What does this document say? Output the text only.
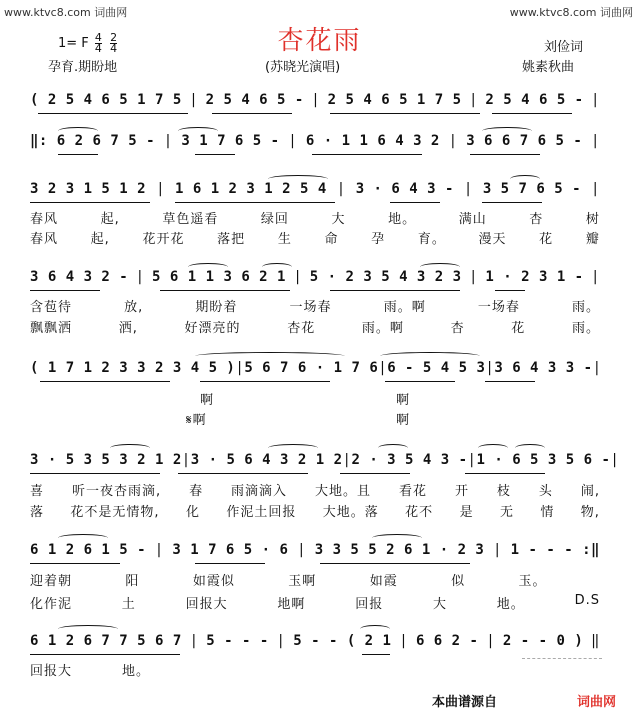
www.ktvc8.com 词曲网	www.ktvc8.com 词曲网
杏花雨
1= F $\frac{4}{4}$
$\frac{2}{4}$
孕育.期盼地	(苏晓光演唱)
刘俭词
姚素秋曲
( 2 5 4 6 5 1 7 5 | 2 5 4 6 5 - | 2 5 4 6 5 1 7 5 | 2 5 4 6 5 - |
‖: 6 2 6 7 5 - | 3 1 7 6 5 - | 6 · 1 1 6 4 3 2 | 3 6 6 7 6 5 - |
3 2 3 1 5 1 2 | 1 6 1 2 3 1 2 5 4 | 3 · 6 4 3 - | 3 5 7 6 5 - |
春风	起,	草色遥看	绿回	大	地。	满山	杏	树
春风	起,	花开花	落把	生	命	孕	育。	漫天	花	瓣
3 6 4 3 2 - | 5 6 1 1 3 6 2 1 | 5 · 2 3 5 4 3 2 3 | 1 · 2 3 1 - |
含苞待	放,	期盼着	一场春	雨。啊	一场春	雨。
飘飘洒	洒,	好漂亮的	杏花	雨。啊	杏	花	雨。
( 1 7 1 2 3 3 2 3 4 5 ) | 5 6 7 6 · 1 7 6 | 6 - 5 4 5 3 | 3 6 4 3 3 - |
啊	啊
𝄋啊	啊
3 · 5 3 5 3 2 1 2 | 3 · 5 6 4 3 2 1 2 | 2 · 3 5 4 3 - | 1 · 6 5 3 5 6 - |
喜 听一夜杏雨滴, 春 雨滴滴入 大地。且 看花 开 枝 头 闹,
落 花不是无情物, 化 作泥土回报 大地。落 花不 是 无 情 物,
6 1 2 6 1 5 - | 3 1 7 6 5 · 6 | 3 3 5 5 2 6 1 · 2 3 | 1 - - - :‖
迎着朝	阳	如霞似	玉啊	如霞	似	玉。
化作泥	土	回报大	地啊	回报	大	地。	D.S
6 1 2 6 7 7 5 6 7 | 5 - - - | 5 - - ( 2 1 | 6 6 2 - | 2 - - 0 ) ‖
回报大	地。
本曲谱源自	词曲网
